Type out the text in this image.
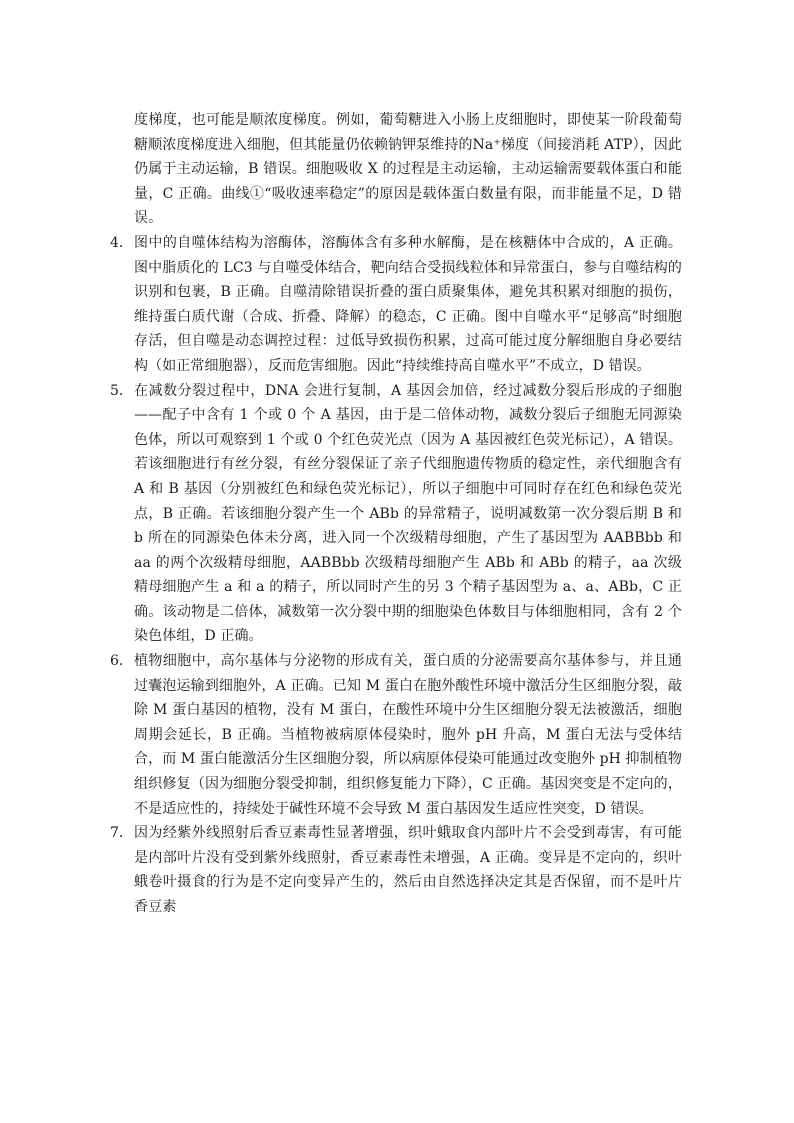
度梯度，也可能是顺浓度梯度。例如，葡萄糖进入小肠上皮细胞时，即使某一阶段葡萄糖顺浓度梯度进入细胞，但其能量仍依赖钠钾泵维持的Na⁺梯度（间接消耗 ATP），因此仍属于主动运输，B 错误。细胞吸收 X 的过程是主动运输，主动运输需要载体蛋白和能量，C 正确。曲线①“吸收速率稳定”的原因是载体蛋白数量有限，而非能量不足，D 错误。

4． 图中的自噬体结构为溶酶体，溶酶体含有多种水解酶，是在核糖体中合成的，A 正确。图中脂质化的 LC3 与自噬受体结合，靶向结合受损线粒体和异常蛋白，参与自噬结构的识别和包裹，B 正确。自噬清除错误折叠的蛋白质聚集体，避免其积累对细胞的损伤，维持蛋白质代谢（合成、折叠、降解）的稳态，C 正确。图中自噬水平“足够高”时细胞存活，但自噬是动态调控过程：过低导致损伤积累，过高可能过度分解细胞自身必要结构（如正常细胞器），反而危害细胞。因此“持续维持高自噬水平”不成立，D 错误。
5． 在减数分裂过程中，DNA 会进行复制，A 基因会加倍，经过减数分裂后形成的子细胞——配子中含有 1 个或 0 个 A 基因，由于是二倍体动物，减数分裂后子细胞无同源染色体，所以可观察到 1 个或 0 个红色荧光点（因为 A 基因被红色荧光标记），A 错误。若该细胞进行有丝分裂，有丝分裂保证了亲子代细胞遗传物质的稳定性，亲代细胞含有 A 和 B 基因（分别被红色和绿色荧光标记），所以子细胞中可同时存在红色和绿色荧光点，B 正确。若该细胞分裂产生一个 ABb 的异常精子，说明减数第一次分裂后期 B 和 b 所在的同源染色体未分离，进入同一个次级精母细胞，产生了基因型为 AABBbb 和 aa 的两个次级精母细胞，AABBbb 次级精母细胞产生 ABb 和 ABb 的精子，aa 次级精母细胞产生 a 和 a 的精子，所以同时产生的另 3 个精子基因型为 a、a、ABb，C 正确。该动物是二倍体，减数第一次分裂中期的细胞染色体数目与体细胞相同，含有 2 个染色体组，D 正确。
6． 植物细胞中，高尔基体与分泌物的形成有关，蛋白质的分泌需要高尔基体参与，并且通过囊泡运输到细胞外，A 正确。已知 M 蛋白在胞外酸性环境中激活分生区细胞分裂，敲除 M 蛋白基因的植物，没有 M 蛋白，在酸性环境中分生区细胞分裂无法被激活，细胞周期会延长，B 正确。当植物被病原体侵染时，胞外 pH 升高，M 蛋白无法与受体结合，而 M 蛋白能激活分生区细胞分裂，所以病原体侵染可能通过改变胞外 pH 抑制植物组织修复（因为细胞分裂受抑制，组织修复能力下降），C 正确。基因突变是不定向的，不是适应性的，持续处于碱性环境不会导致 M 蛋白基因发生适应性突变，D 错误。
7． 因为经紫外线照射后香豆素毒性显著增强，织叶蛾取食内部叶片不会受到毒害，有可能是内部叶片没有受到紫外线照射，香豆素毒性未增强，A 正确。变异是不定向的，织叶蛾卷叶摄食的行为是不定向变异产生的，然后由自然选择决定其是否保留，而不是叶片香豆素
